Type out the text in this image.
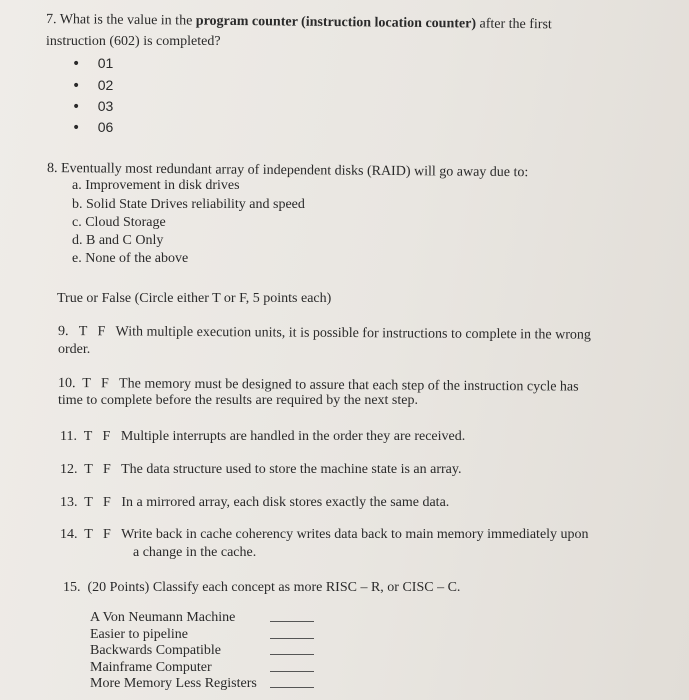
7. What is the value in the program counter (instruction location counter) after the first
instruction (602) is completed?
• 01
• 02
• 03
• 06
8. Eventually most redundant array of independent disks (RAID) will go away due to:
a. Improvement in disk drives
b. Solid State Drives reliability and speed
c. Cloud Storage
d. B and C Only
e. None of the above
True or False (Circle either T or F, 5 points each)
9.   T   F   With multiple execution units, it is possible for instructions to complete in the wrong
order.
10.  T   F   The memory must be designed to assure that each step of the instruction cycle has
time to complete before the results are required by the next step.
11.  T   F   Multiple interrupts are handled in the order they are received.
12.  T   F   The data structure used to store the machine state is an array.
13.  T   F   In a mirrored array, each disk stores exactly the same data.
14.  T   F   Write back in cache coherency writes data back to main memory immediately upon
a change in the cache.
15.  (20 Points) Classify each concept as more RISC – R, or CISC – C.
A Von Neumann Machine
Easier to pipeline
Backwards Compatible
Mainframe Computer
More Memory Less Registers
